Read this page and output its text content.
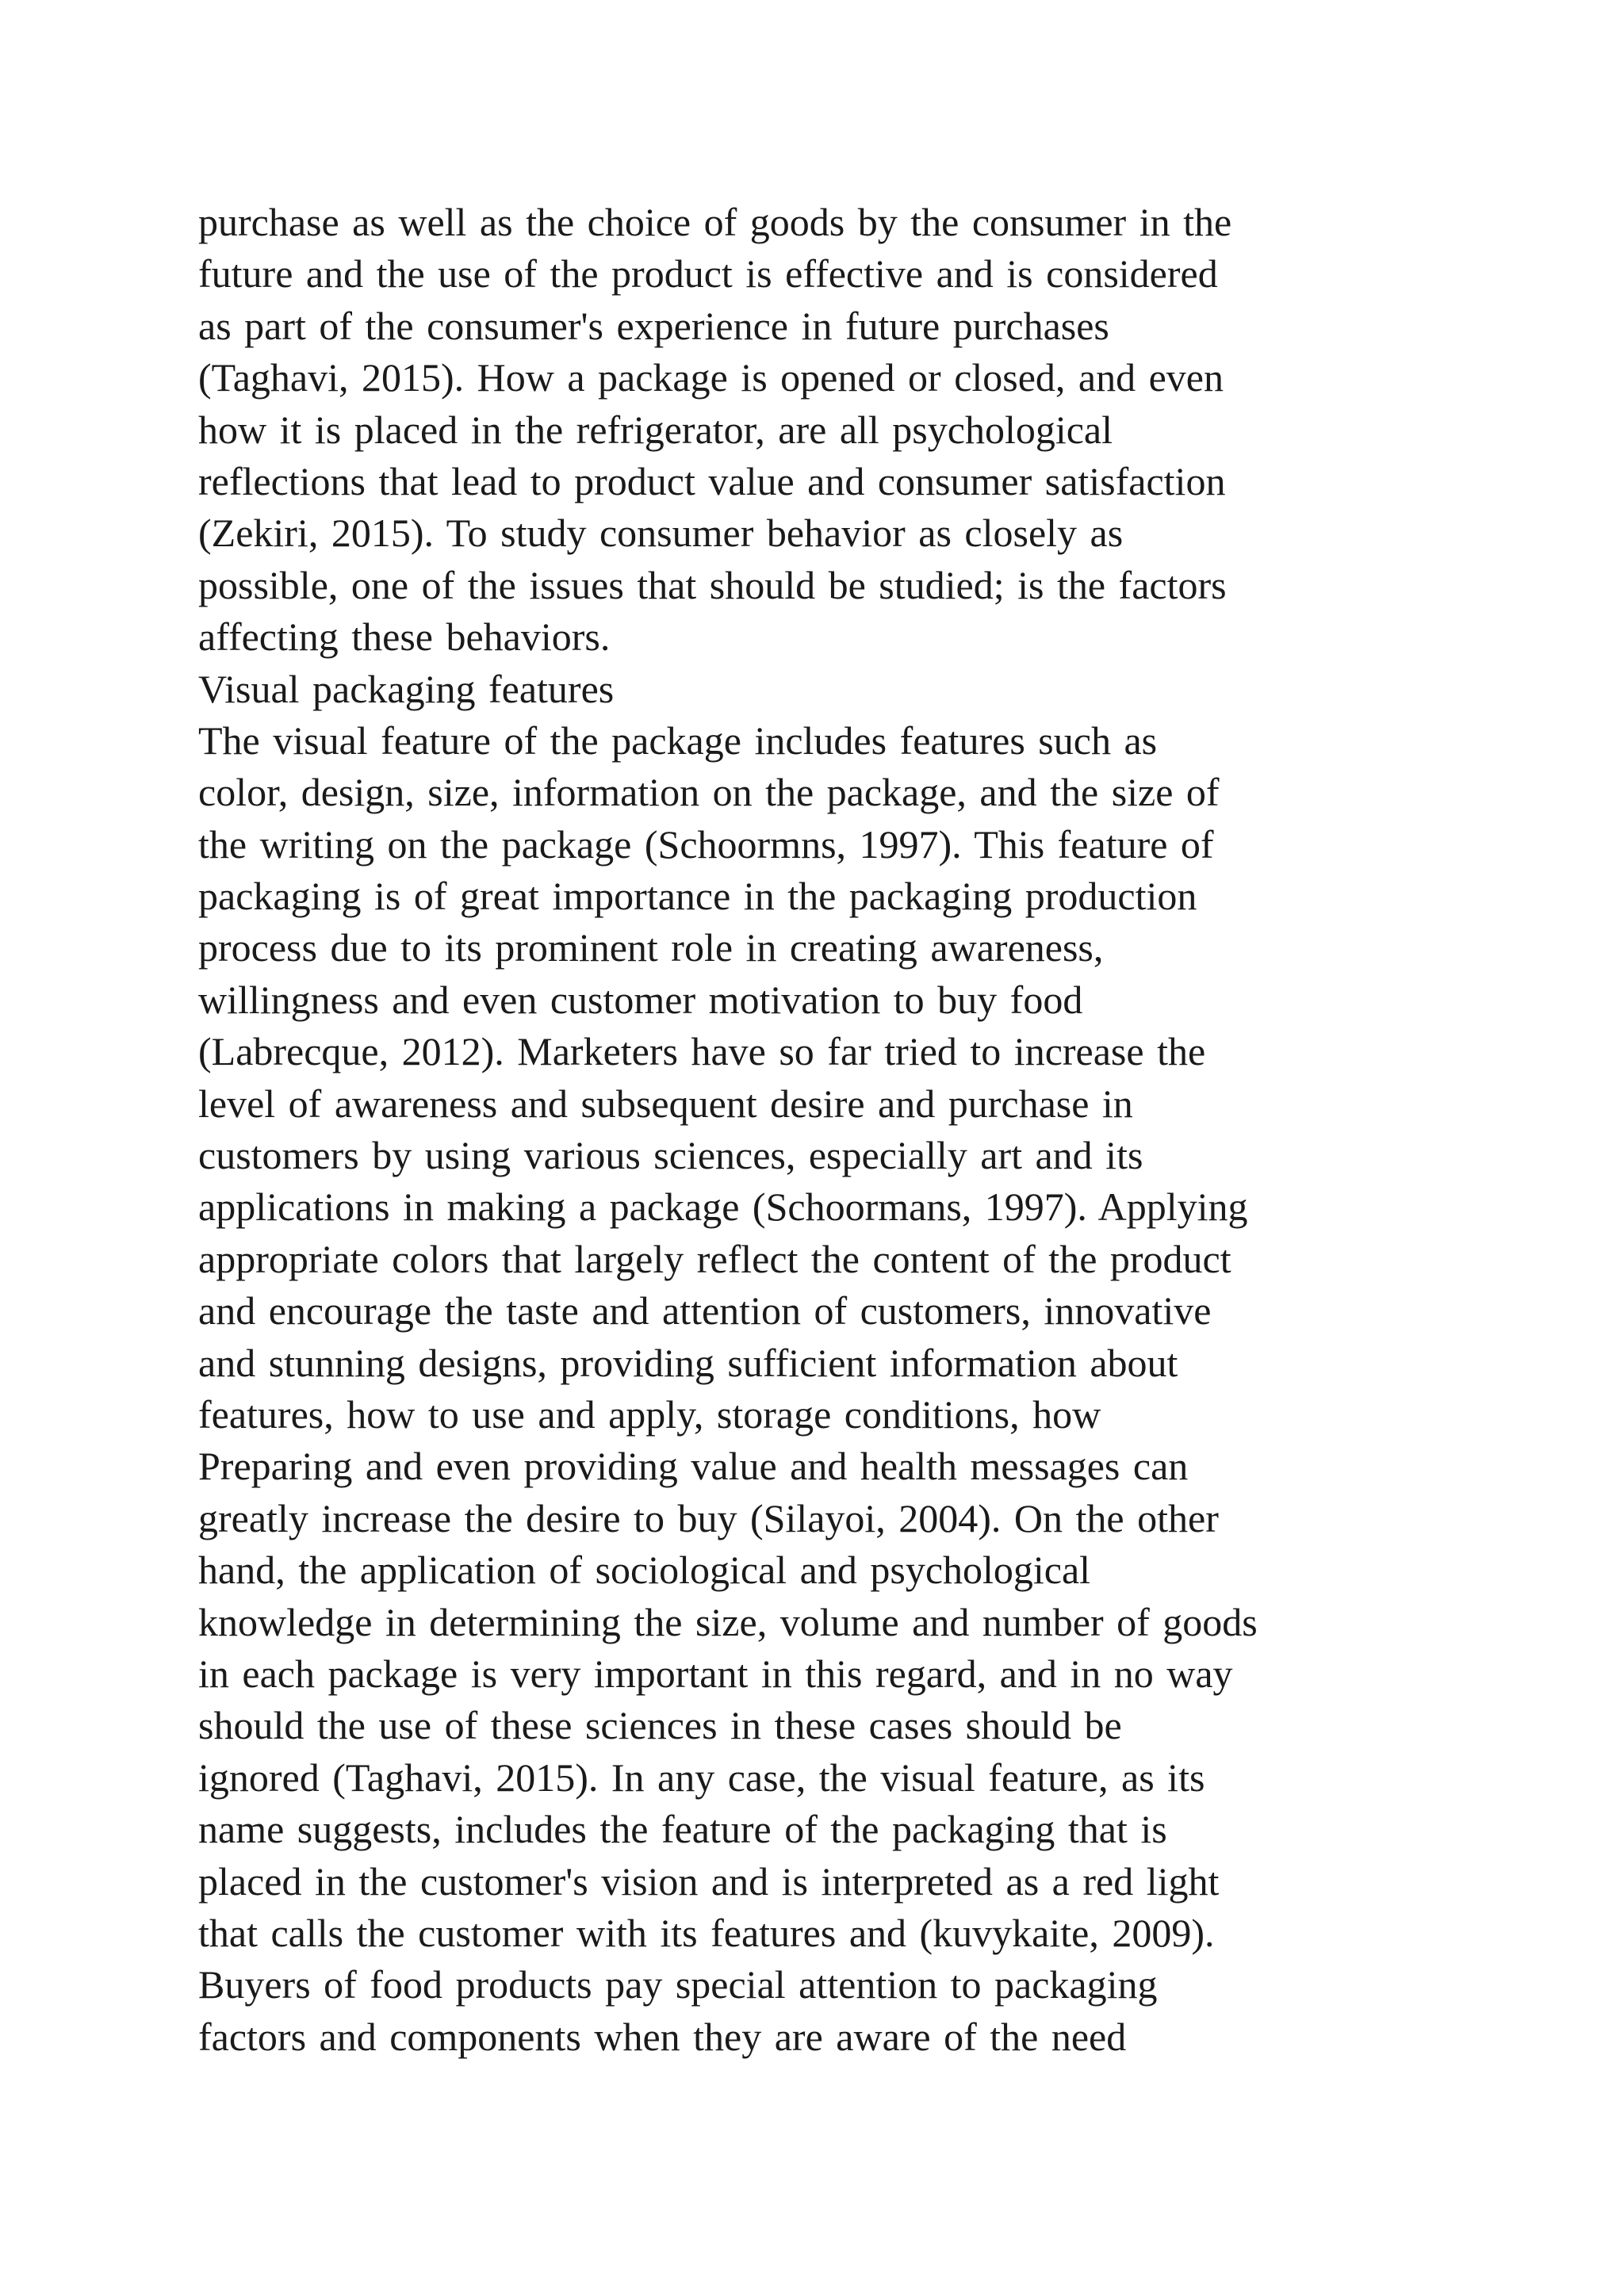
purchase as well as the choice of goods by the consumer in the
future and the use of the product is effective and is considered
as part of the consumer's experience in future purchases
(Taghavi, 2015). How a package is opened or closed, and even
how it is placed in the refrigerator, are all psychological
reflections that lead to product value and consumer satisfaction
(Zekiri, 2015). To study consumer behavior as closely as
possible, one of the issues that should be studied; is the factors
affecting these behaviors.
Visual packaging features
The visual feature of the package includes features such as
color, design, size, information on the package, and the size of
the writing on the package (Schoormns, 1997). This feature of
packaging is of great importance in the packaging production
process due to its prominent role in creating awareness,
willingness and even customer motivation to buy food
(Labrecque, 2012). Marketers have so far tried to increase the
level of awareness and subsequent desire and purchase in
customers by using various sciences, especially art and its
applications in making a package (Schoormans, 1997). Applying
appropriate colors that largely reflect the content of the product
and encourage the taste and attention of customers, innovative
and stunning designs, providing sufficient information about
features, how to use and apply, storage conditions, how
Preparing and even providing value and health messages can
greatly increase the desire to buy (Silayoi, 2004). On the other
hand, the application of sociological and psychological
knowledge in determining the size, volume and number of goods
in each package is very important in this regard, and in no way
should the use of these sciences in these cases should be
ignored (Taghavi, 2015). In any case, the visual feature, as its
name suggests, includes the feature of the packaging that is
placed in the customer's vision and is interpreted as a red light
that calls the customer with its features and (kuvykaite, 2009).
Buyers of food products pay special attention to packaging
factors and components when they are aware of the need
